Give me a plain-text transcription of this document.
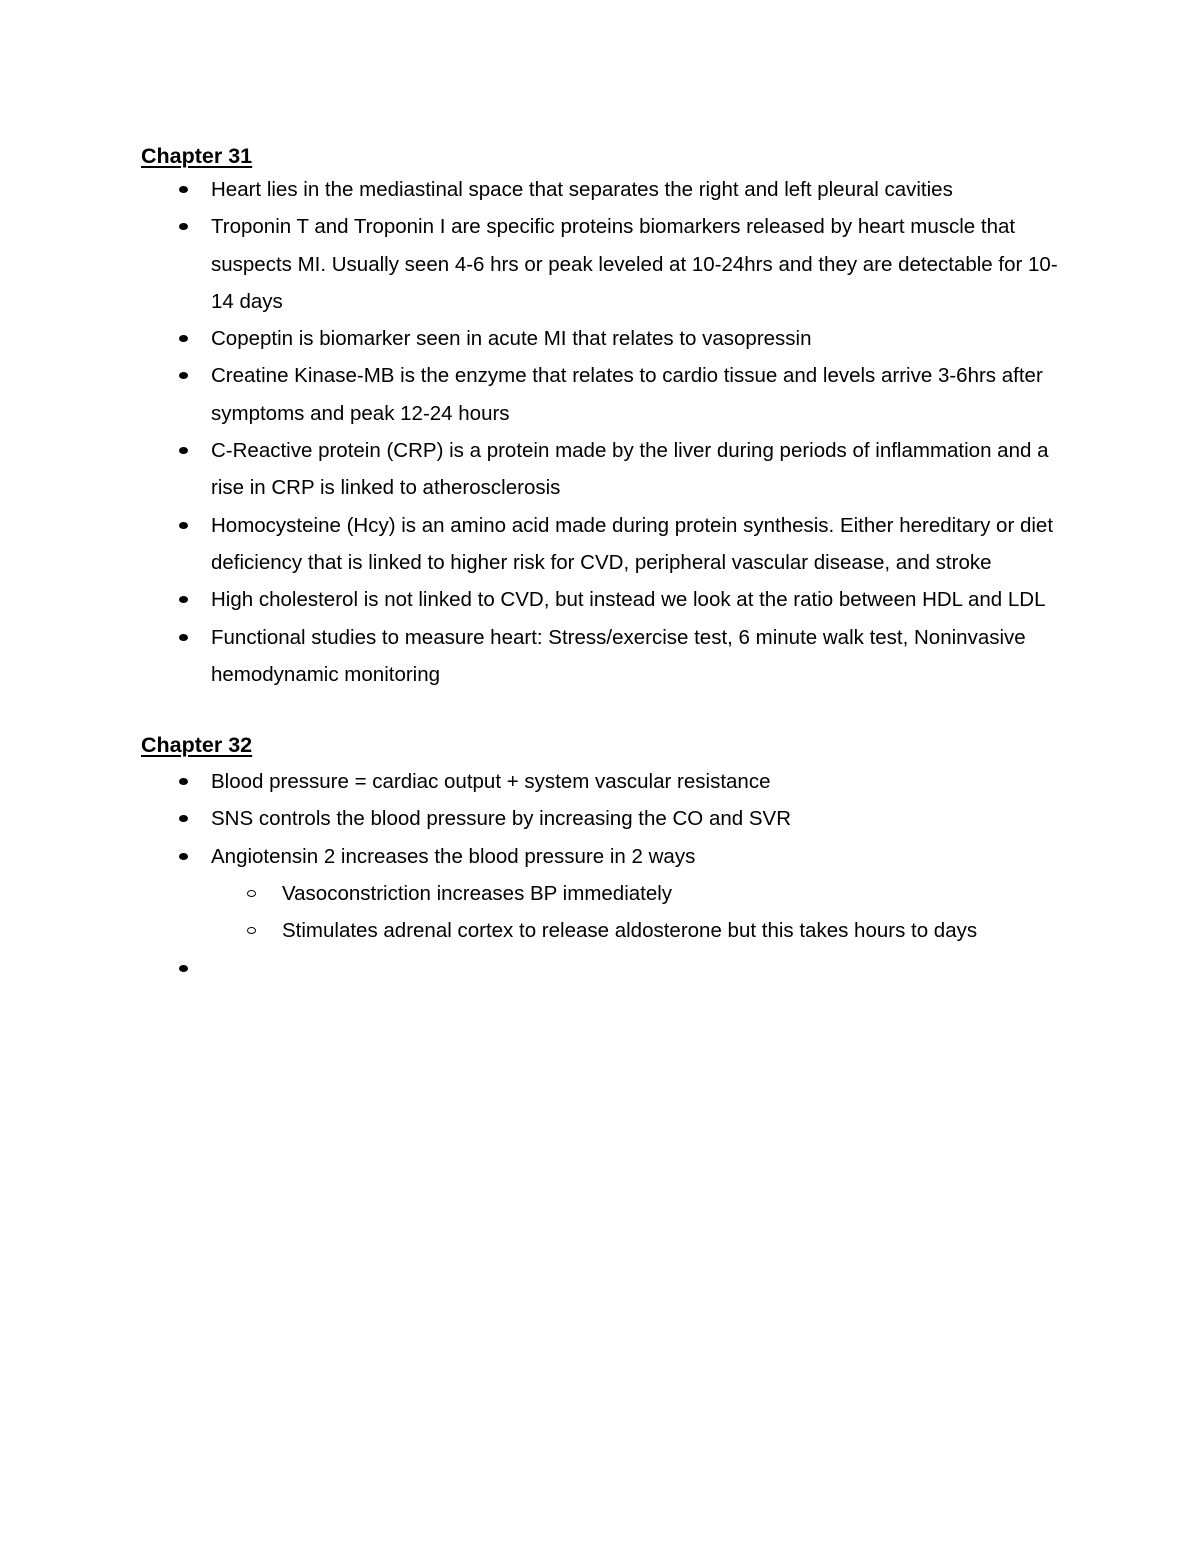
Chapter 31

Heart lies in the mediastinal space that separates the right and left pleural cavities
Troponin T and Troponin I are specific proteins biomarkers released by heart muscle that suspects MI. Usually seen 4-6 hrs or peak leveled at 10-24hrs and they are detectable for 10-14 days
Copeptin is biomarker seen in acute MI that relates to vasopressin
Creatine Kinase-MB is the enzyme that relates to cardio tissue and levels arrive 3-6hrs after symptoms and peak 12-24 hours
C-Reactive protein (CRP) is a protein made by the liver during periods of inflammation and a rise in CRP is linked to atherosclerosis
Homocysteine (Hcy) is an amino acid made during protein synthesis. Either hereditary or diet deficiency that is linked to higher risk for CVD, peripheral vascular disease, and stroke
High cholesterol is not linked to CVD, but instead we look at the ratio between HDL and LDL
Functional studies to measure heart: Stress/exercise test, 6 minute walk test, Noninvasive hemodynamic monitoring

Chapter 32

Blood pressure = cardiac output + system vascular resistance
SNS controls the blood pressure by increasing the CO and SVR
Angiotensin 2 increases the blood pressure in 2 ways
Vasoconstriction increases BP immediately
Stimulates adrenal cortex to release aldosterone but this takes hours to days
